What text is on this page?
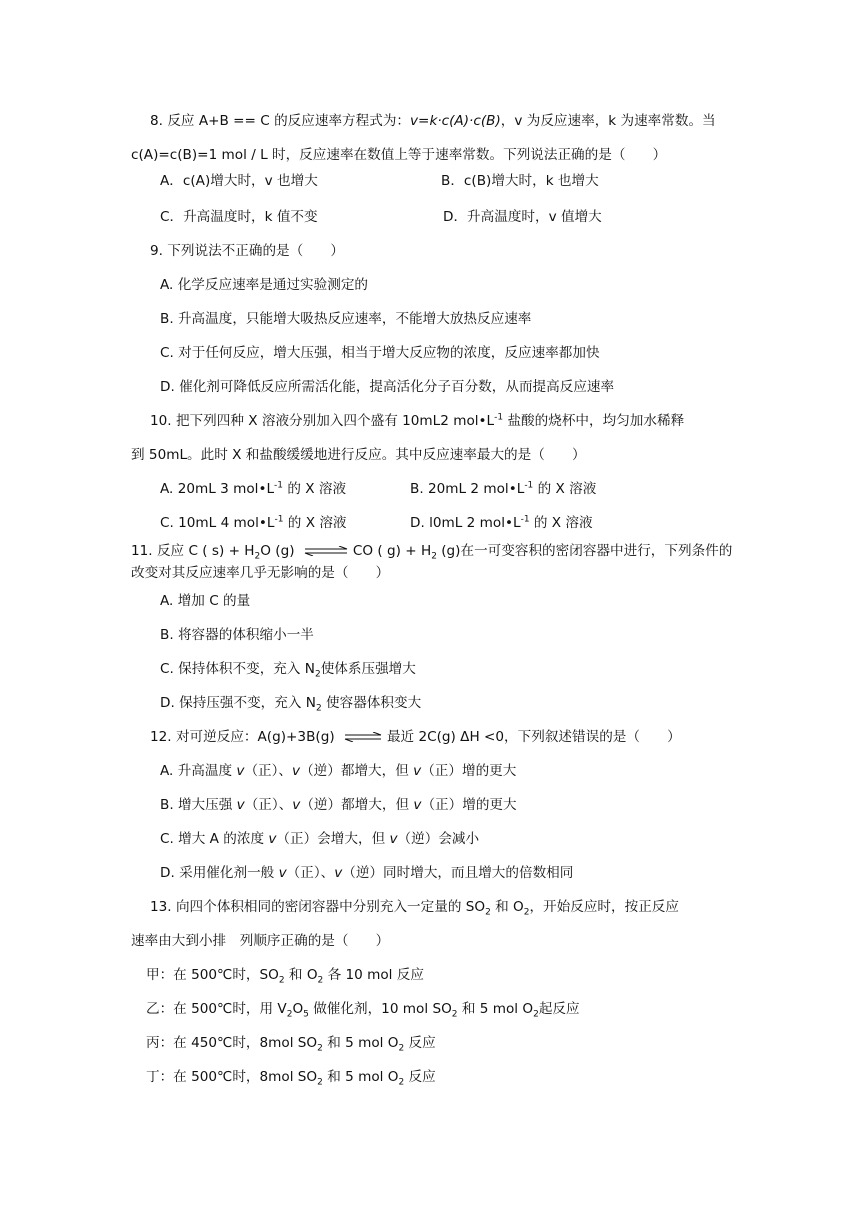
8. 反应 A+B == C 的反应速率方程式为：v=k·c(A)·c(B)，v 为反应速率，k 为速率常数。当
c(A)=c(B)=1 mol / L 时，反应速率在数值上等于速率常数。下列说法正确的是（　　）
A．c(A)增大时，v 也增大	B．c(B)增大时，k 也增大
C．升高温度时，k 值不变	D．升高温度时，v 值增大
9. 下列说法不正确的是（　　）
A. 化学反应速率是通过实验测定的
B. 升高温度，只能增大吸热反应速率，不能增大放热反应速率
C. 对于任何反应，增大压强，相当于增大反应物的浓度，反应速率都加快
D. 催化剂可降低反应所需活化能，提高活化分子百分数，从而提高反应速率
10. 把下列四种 X 溶液分别加入四个盛有 10mL2 $mol•L^{-1}$ 盐酸的烧杯中，均匀加水稀释
到 50mL。此时 X 和盐酸缓缓地进行反应。其中反应速率最大的是（　　）
A. 20mL 3 $mol•L^{-1}$ 的 X 溶液	B. 20mL 2 $mol•L^{-1}$ 的 X 溶液
C. 10mL 4 $mol•L^{-1}$ 的 X 溶液	D. l0mL 2 $mol•L^{-1}$ 的 X 溶液
11. 反应 C ( $s) + H_2O$ (g) ⇌ CO ( $g) + H_2$ (g)在一可变容积的密闭容器中进行，下列条件的
改变对其反应速率几乎无影响的是（　　）
A. 增加 C 的量
B. 将容器的体积缩小一半
C. 保持体积不变，充入 $N_2$使体系压强增大
D. 保持压强不变，充入 $N_2$ 使容器体积变大
12. 对可逆反应：A(g)+3B(g) ⇌ 最近 2C(g) ΔH <0，下列叙述错误的是（　　）
A. 升高温度 v（正）、v（逆）都增大，但 v（正）增的更大
B. 增大压强 v（正）、v（逆）都增大，但 v（正）增的更大
C. 增大 A 的浓度 v（正）会增大，但 v（逆）会减小
D. 采用催化剂一般 v（正）、v（逆）同时增大，而且增大的倍数相同
13. 向四个体积相同的密闭容器中分别充入一定量的 $SO_2$ 和 $O_2$，开始反应时，按正反应
速率由大到小排　列顺序正确的是（　　）
甲：在 500℃时，$SO_2$ 和 $O_2$ 各 10 mol 反应
乙：在 500℃时，用 $V_2O_5$ 做催化剂，10 mol $SO_2$ 和 5 mol $O_2$起反应
丙：在 450℃时，8mol $SO_2$ 和 5 mol $O_2$ 反应
丁：在 500℃时，8mol $SO_2$ 和 5 mol $O_2$ 反应
